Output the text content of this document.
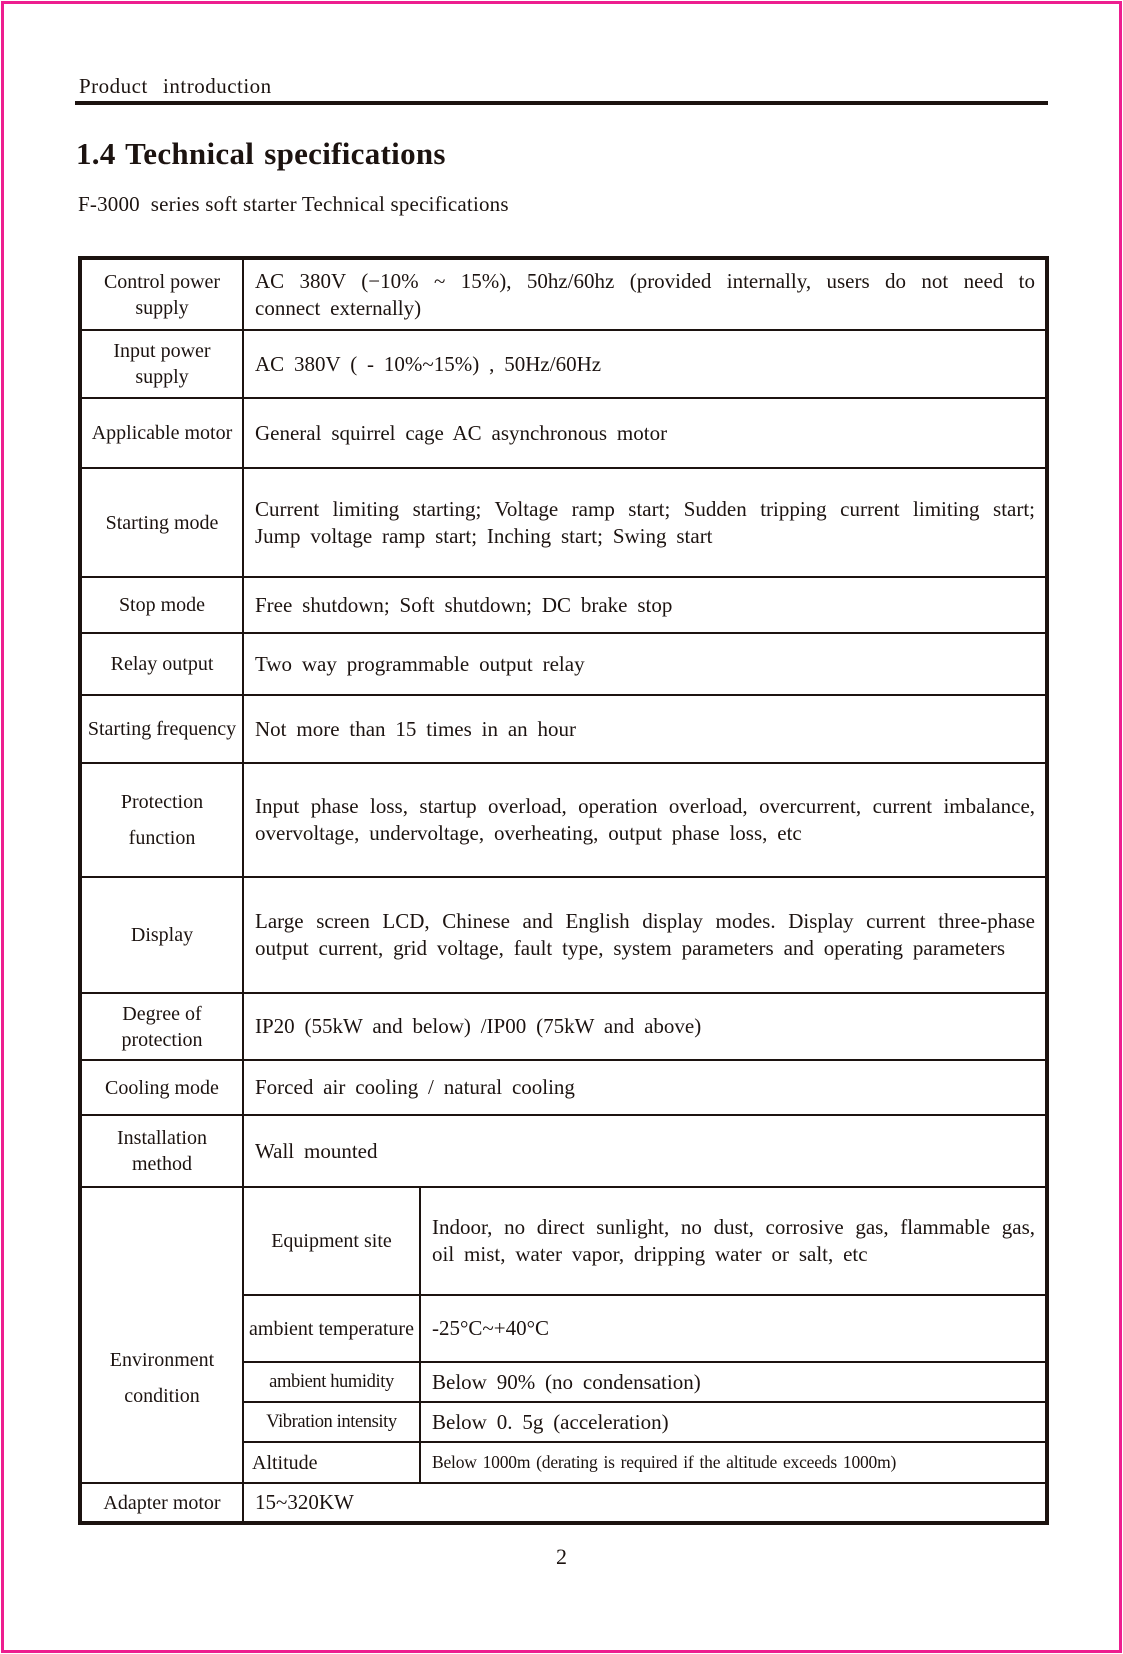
Product introduction
1.4 Technical specifications
F-3000  series soft starter Technical specifications
Control power supply	AC 380V (−10% ~ 15%), 50hz/60hz (provided internally, users do not need to connect externally)	
Input power supply	AC 380V ( - 10%~15%) , 50Hz/60Hz	
Applicable motor	General squirrel cage AC asynchronous motor	
Starting mode	Current limiting starting; Voltage ramp start; Sudden tripping current limiting start; Jump voltage ramp start; Inching start; Swing start	
Stop mode	Free shutdown; Soft shutdown; DC brake stop	
Relay output	Two way programmable output relay	
Starting frequency	Not more than 15 times in an hour	
Protection function	Input phase loss, startup overload, operation overload, overcurrent, current imbalance, overvoltage, undervoltage, overheating, output phase loss, etc	
Display	Large screen LCD, Chinese and English display modes. Display current three-phase output current, grid voltage, fault type, system parameters and operating parameters	
Degree of protection	IP20 (55kW and below) /IP00 (75kW and above)	
Cooling mode	Forced air cooling / natural cooling	
Installation method	Wall mounted	
Environment condition	Equipment site	Indoor, no direct sunlight, no dust, corrosive gas, flammable gas, oil mist, water vapor, dripping water or salt, etc
	ambient temperature	-25°C~+40°C
	ambient humidity	Below 90% (no condensation)
	Vibration intensity	Below 0. 5g (acceleration)
	Altitude	Below 1000m (derating is required if the altitude exceeds 1000m)
Adapter motor	15~320KW	
2
